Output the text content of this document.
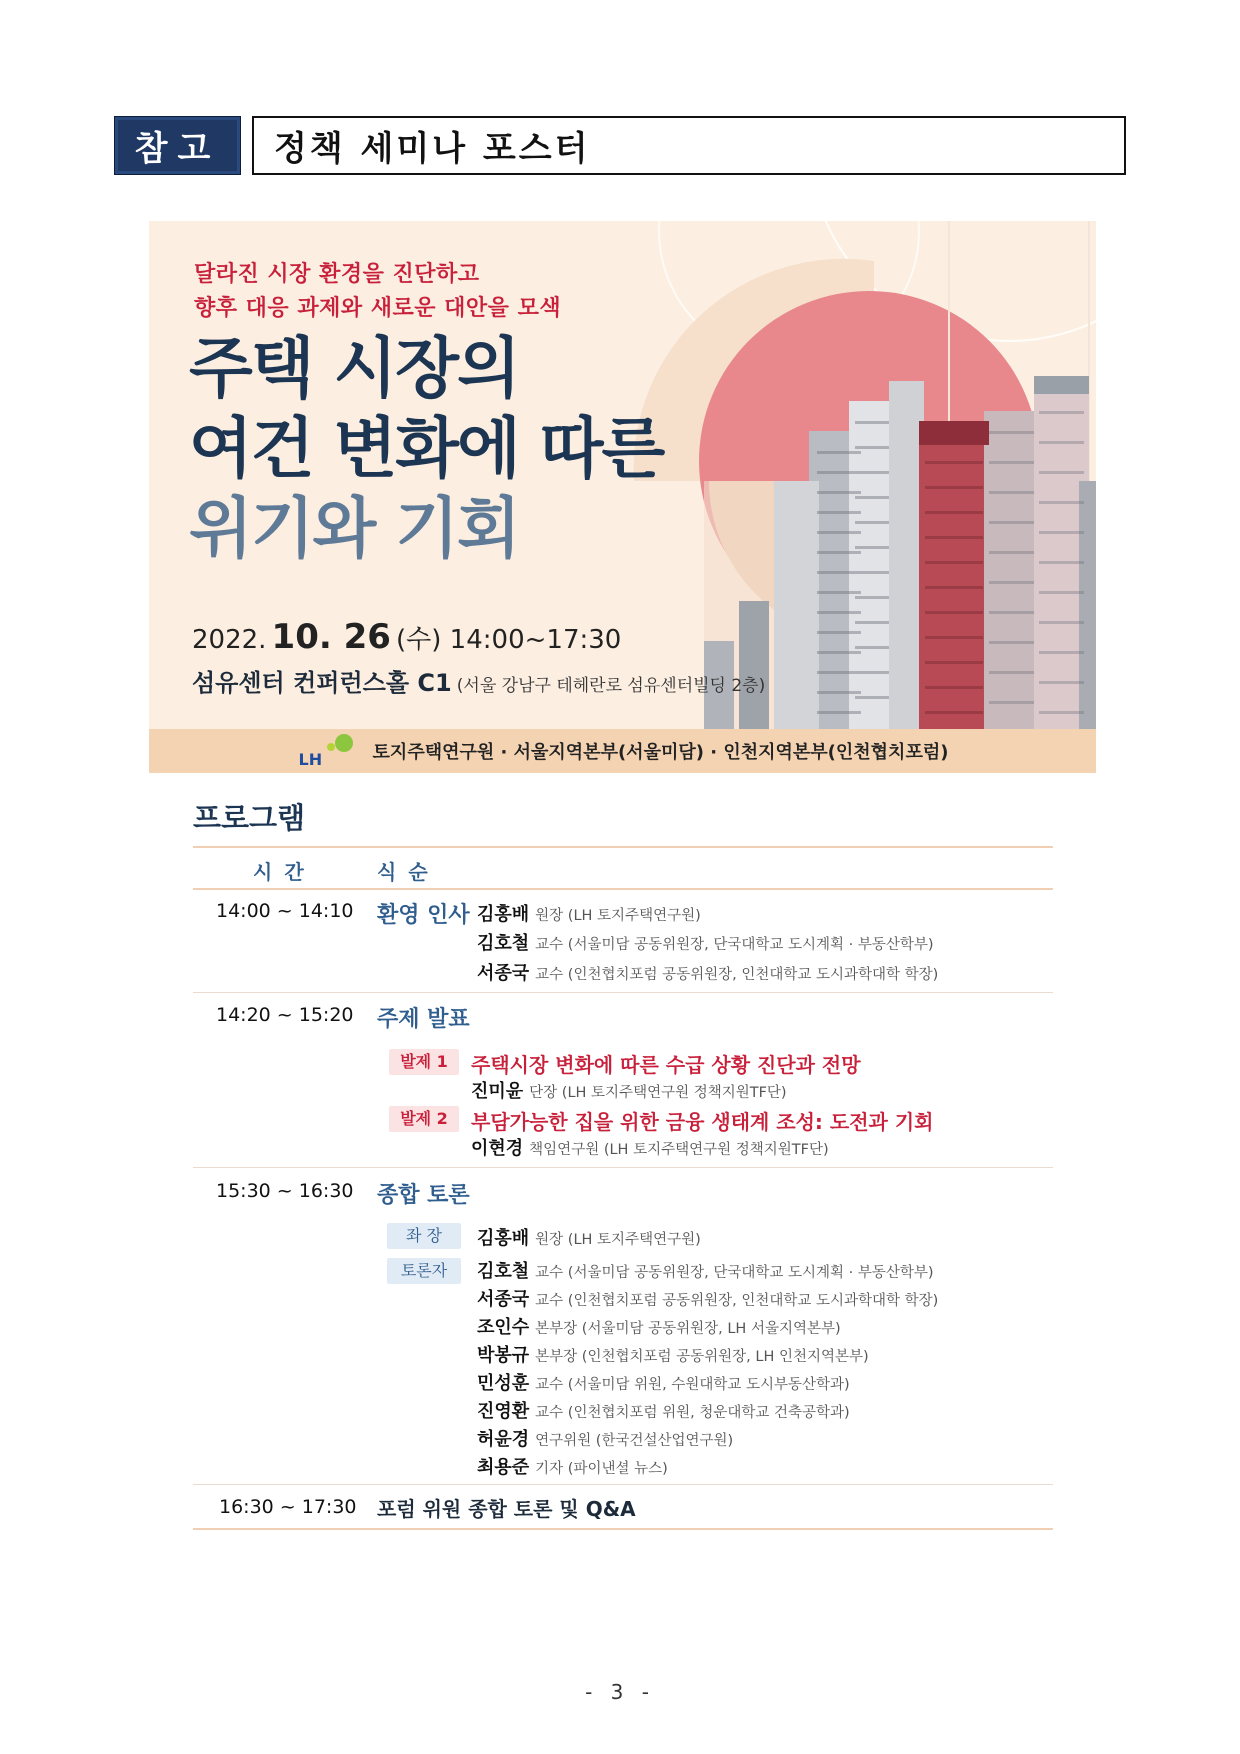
참고	정책 세미나 포스터
달라진 시장 환경을 진단하고
향후 대응 과제와 새로운 대안을 모색
주택 시장의
여건 변화에 따른
위기와 기회
2022. 10. 26 (수) 14:00~17:30
섬유센터 컨퍼런스홀 C1 (서울 강남구 테헤란로 섬유센터빌딩 2층)
LH	토지주택연구원 · 서울지역본부(서울미담) · 인천지역본부(인천협치포럼)
프로그램
시간	식순
14:00 ~ 14:10 환영 인사 김홍배 원장 (LH 토지주택연구원)
김호철 교수 (서울미담 공동위원장, 단국대학교 도시계획 · 부동산학부)
서종국 교수 (인천협치포럼 공동위원장, 인천대학교 도시과학대학 학장)
14:20 ~ 15:20 주제 발표
발제 1	주택시장 변화에 따른 수급 상황 진단과 전망
진미윤 단장 (LH 토지주택연구원 정책지원TF단)
발제 2	부담가능한 집을 위한 금융 생태계 조성: 도전과 기회
이현경 책임연구원 (LH 토지주택연구원 정책지원TF단)
15:30 ~ 16:30 종합 토론
좌 장	김홍배 원장 (LH 토지주택연구원)
토론자	김호철 교수 (서울미담 공동위원장, 단국대학교 도시계획 · 부동산학부)
서종국 교수 (인천협치포럼 공동위원장, 인천대학교 도시과학대학 학장)
조인수 본부장 (서울미담 공동위원장, LH 서울지역본부)
박봉규 본부장 (인천협치포럼 공동위원장, LH 인천지역본부)
민성훈 교수 (서울미담 위원, 수원대학교 도시부동산학과)
진영환 교수 (인천협치포럼 위원, 청운대학교 건축공학과)
허윤경 연구위원 (한국건설산업연구원)
최용준 기자 (파이낸셜 뉴스)
16:30 ~ 17:30 포럼 위원 종합 토론 및 Q&A
- 3 -
